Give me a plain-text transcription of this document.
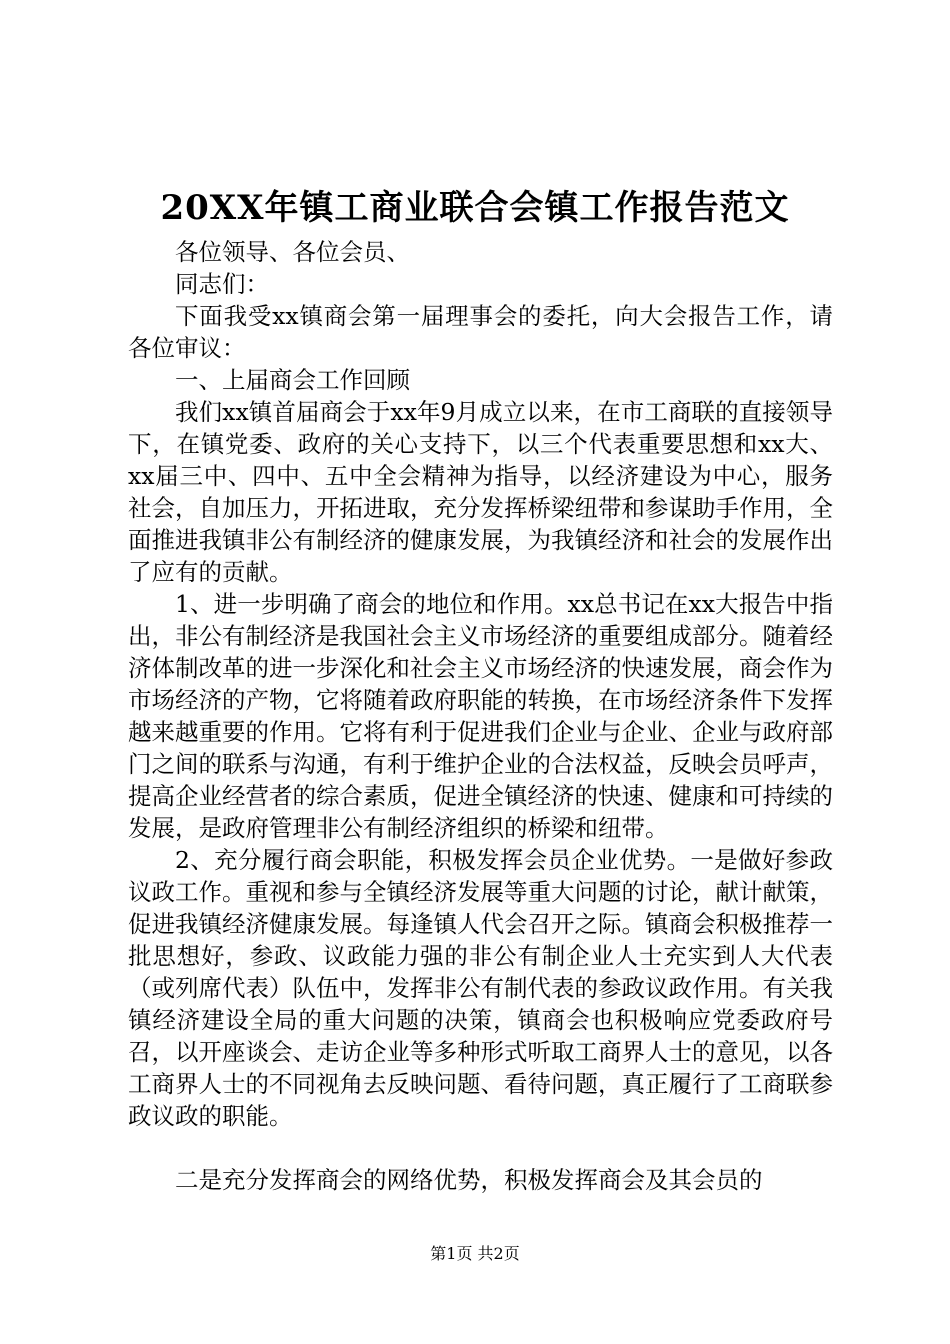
20XX年镇工商业联合会镇工作报告范文

各位领导、各位会员、

同志们：

下面我受xx镇商会第一届理事会的委托，向大会报告工作，请各位审议：

一、上届商会工作回顾

我们xx镇首届商会于xx年9月成立以来，在市工商联的直接领导下，在镇党委、政府的关心支持下，以三个代表重要思想和xx大、xx届三中、四中、五中全会精神为指导，以经济建设为中心，服务社会，自加压力，开拓进取，充分发挥桥梁纽带和参谋助手作用，全面推进我镇非公有制经济的健康发展，为我镇经济和社会的发展作出了应有的贡献。

1、进一步明确了商会的地位和作用。xx总书记在xx大报告中指出，非公有制经济是我国社会主义市场经济的重要组成部分。随着经济体制改革的进一步深化和社会主义市场经济的快速发展，商会作为市场经济的产物，它将随着政府职能的转换，在市场经济条件下发挥越来越重要的作用。它将有利于促进我们企业与企业、企业与政府部门之间的联系与沟通，有利于维护企业的合法权益，反映会员呼声，提高企业经营者的综合素质，促进全镇经济的快速、健康和可持续的发展，是政府管理非公有制经济组织的桥梁和纽带。

2、充分履行商会职能，积极发挥会员企业优势。一是做好参政议政工作。重视和参与全镇经济发展等重大问题的讨论，献计献策，促进我镇经济健康发展。每逢镇人代会召开之际。镇商会积极推荐一批思想好，参政、议政能力强的非公有制企业人士充实到人大代表（或列席代表）队伍中，发挥非公有制代表的参政议政作用。有关我镇经济建设全局的重大问题的决策，镇商会也积极响应党委政府号召，以开座谈会、走访企业等多种形式听取工商界人士的意见，以各工商界人士的不同视角去反映问题、看待问题，真正履行了工商联参政议政的职能。

二是充分发挥商会的网络优势，积极发挥商会及其会员的

第1页 共2页
